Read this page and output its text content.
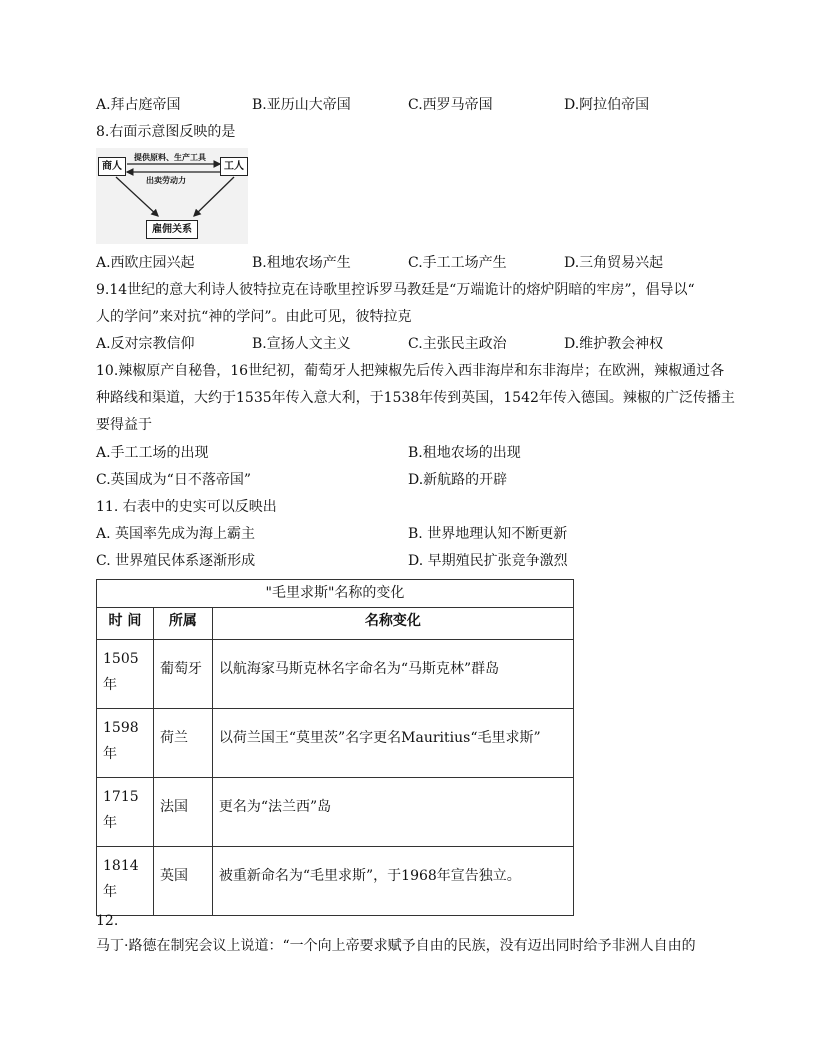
A.拜占庭帝国	B.亚历山大帝国	C.西罗马帝国	D.阿拉伯帝国
8.右面示意图反映的是
商人	工人
雇佣关系
提供原料、生产工具
出卖劳动力
A.西欧庄园兴起	B.租地农场产生	C.手工工场产生	D.三角贸易兴起
9.14世纪的意大利诗人彼特拉克在诗歌里控诉罗马教廷是“万端诡计的熔炉阴暗的牢房”，倡导以“
人的学问”来对抗“神的学问”。由此可见，彼特拉克
A.反对宗教信仰	B.宣扬人文主义	C.主张民主政治	D.维护教会神权
10.辣椒原产自秘鲁，16世纪初，葡萄牙人把辣椒先后传入西非海岸和东非海岸；在欧洲，辣椒通过各
种路线和渠道，大约于1535年传入意大利，于1538年传到英国，1542年传入德国。辣椒的广泛传播主
要得益于
A.手工工场的出现	B.租地农场的出现
C.英国成为“日不落帝国”	D.新航路的开辟
11. 右表中的史实可以反映出
A. 英国率先成为海上霸主	B. 世界地理认知不断更新
C. 世界殖民体系逐渐形成	D. 早期殖民扩张竞争激烈
"毛里求斯"名称的变化		
时 间	所属	名称变化
1505
年	葡萄牙	以航海家马斯克林名字命名为“马斯克林”群岛
1598
年	荷兰	以荷兰国王“莫里茨”名字更名Mauritius“毛里求斯”
1715
年	法国	更名为“法兰西”岛
1814
年	英国	被重新命名为“毛里求斯”，于1968年宣告独立。
12.
马丁·路德在制宪会议上说道：“一个向上帝要求赋予自由的民族，没有迈出同时给予非洲人自由的
